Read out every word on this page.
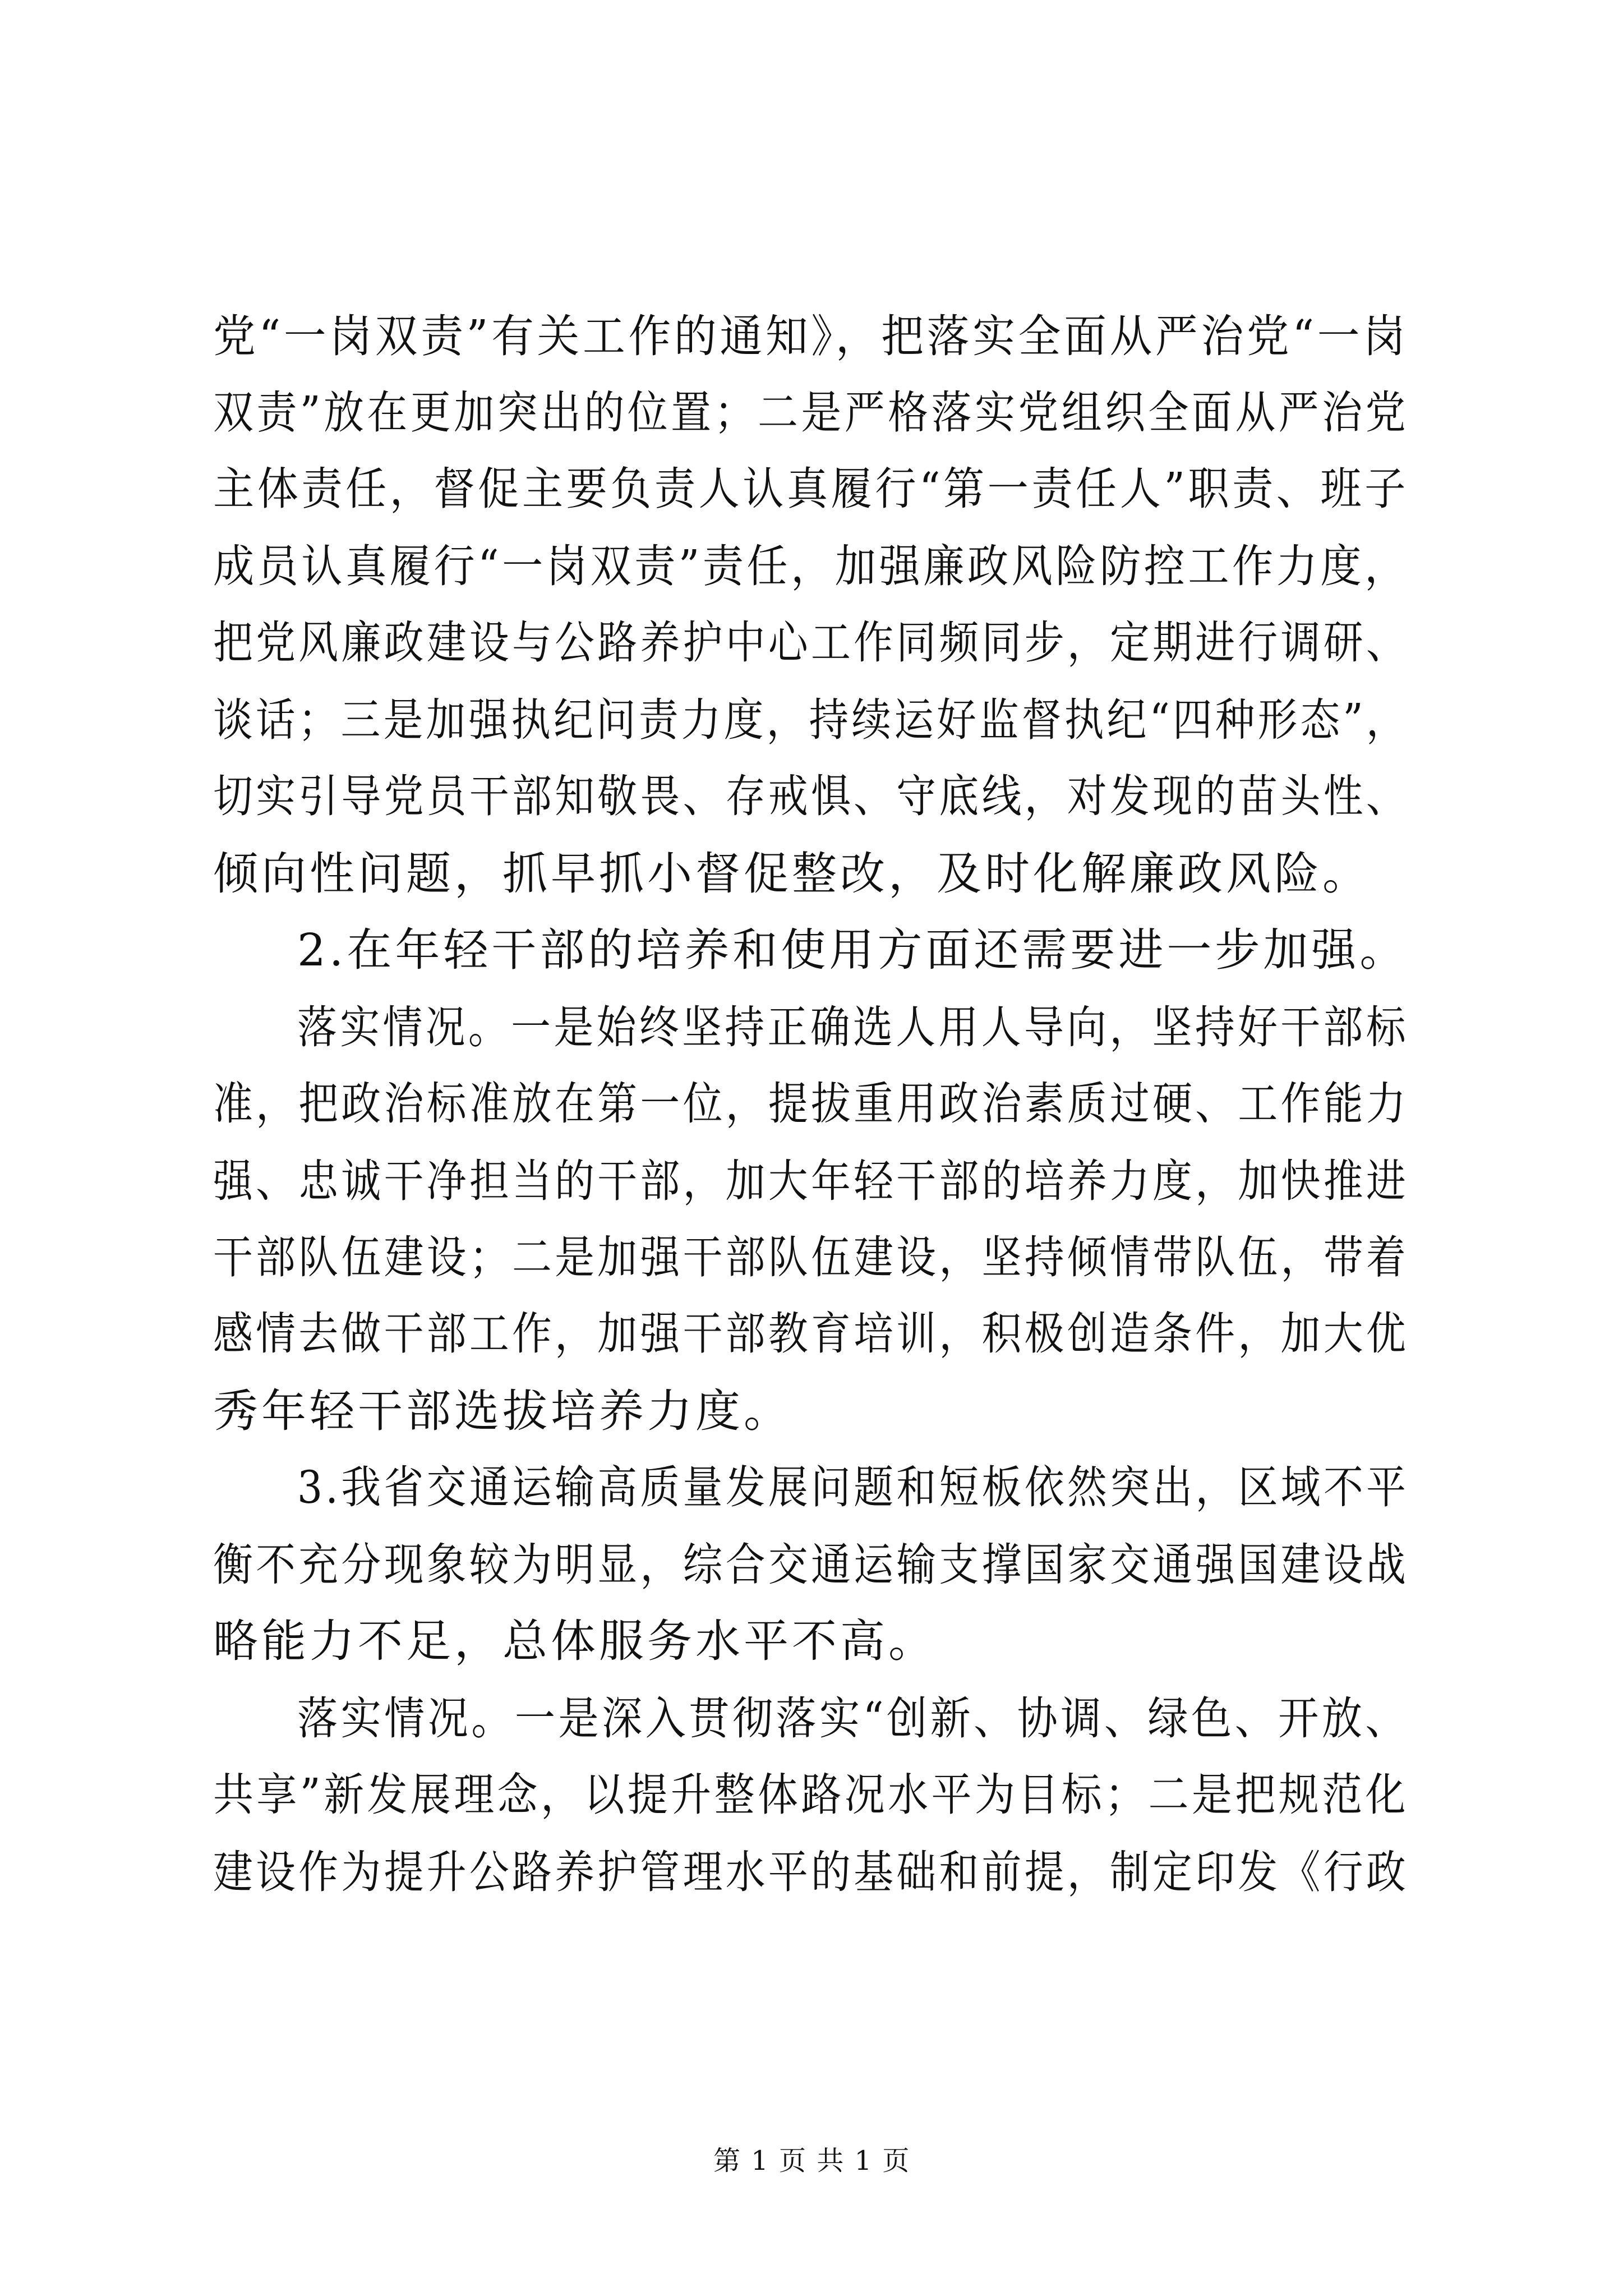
党“一岗双责”有关工作的通知》，把落实全面从严治党“一岗
双责”放在更加突出的位置；二是严格落实党组织全面从严治党
主体责任，督促主要负责人认真履行“第一责任人”职责、班子
成员认真履行“一岗双责”责任，加强廉政风险防控工作力度，
把党风廉政建设与公路养护中心工作同频同步，定期进行调研、
谈话；三是加强执纪问责力度，持续运好监督执纪“四种形态”，
切实引导党员干部知敬畏、存戒惧、守底线，对发现的苗头性、
倾向性问题，抓早抓小督促整改，及时化解廉政风险。
2.在年轻干部的培养和使用方面还需要进一步加强。
落实情况。一是始终坚持正确选人用人导向，坚持好干部标
准，把政治标准放在第一位，提拔重用政治素质过硬、工作能力
强、忠诚干净担当的干部，加大年轻干部的培养力度，加快推进
干部队伍建设；二是加强干部队伍建设，坚持倾情带队伍，带着
感情去做干部工作，加强干部教育培训，积极创造条件，加大优
秀年轻干部选拔培养力度。
3.我省交通运输高质量发展问题和短板依然突出，区域不平
衡不充分现象较为明显，综合交通运输支撑国家交通强国建设战
略能力不足，总体服务水平不高。
落实情况。一是深入贯彻落实“创新、协调、绿色、开放、
共享”新发展理念，以提升整体路况水平为目标；二是把规范化
建设作为提升公路养护管理水平的基础和前提，制定印发《行政
第 1 页 共 1 页
